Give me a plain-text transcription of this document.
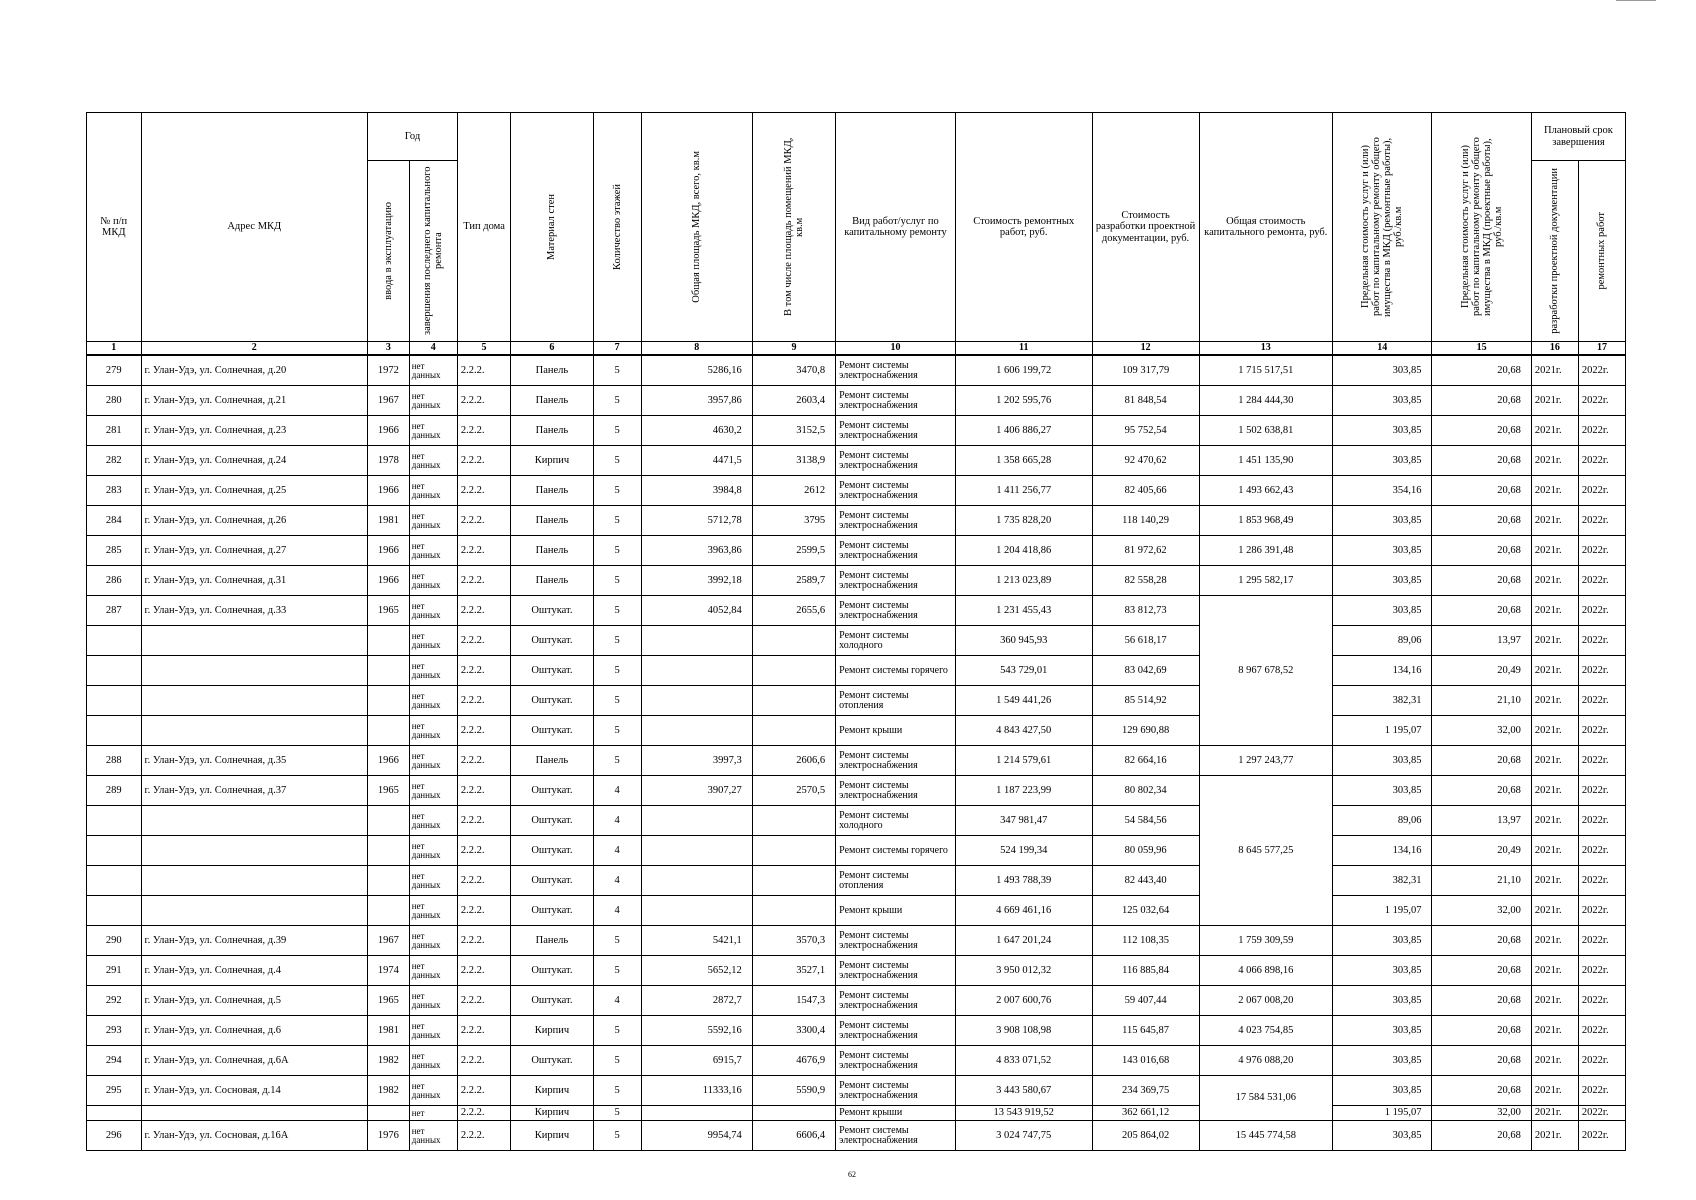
№ п/п МКД	Адрес МКД	Год		Тип дома	Материал стен	Количество этажей	Общая площадь МКД, всего, кв.м	В том числе площадь помещений МКД, кв.м	Вид работ/услуг по капитальному ремонту	Стоимость ремонтных работ, руб.	Стоимость разработки проектной документации, руб.	Общая стоимость капитального ремонта, руб.	Предельная стоимость услуг и (или) работ по капитальному ремонту общего имущества в МКД (ремонтные работы), руб./кв.м	Предельная стоимость услуг и (или) работ по капитальному ремонту общего имущества в МКД (проектные работы), руб./кв.м	Плановый срок завершения	

		ввода в эксплуатацию	завершения последнего капитального ремонта												разработки проектной документации	ремонтных работ

1	2	3	4	5	6	7	8	9	10	11	12	13	14	15	16	17
279	г. Улан-Удэ, ул. Солнечная, д.20	1972	нет данных	2.2.2.	Панель	5	5286,16	3470,8	Ремонт системы электроснабжения	1 606 199,72	109 317,79	1 715 517,51	303,85	20,68	2021г.	2022г.
280	г. Улан-Удэ, ул. Солнечная, д.21	1967	нет данных	2.2.2.	Панель	5	3957,86	2603,4	Ремонт системы электроснабжения	1 202 595,76	81 848,54	1 284 444,30	303,85	20,68	2021г.	2022г.
281	г. Улан-Удэ, ул. Солнечная, д.23	1966	нет данных	2.2.2.	Панель	5	4630,2	3152,5	Ремонт системы электроснабжения	1 406 886,27	95 752,54	1 502 638,81	303,85	20,68	2021г.	2022г.
282	г. Улан-Удэ, ул. Солнечная, д.24	1978	нет данных	2.2.2.	Кирпич	5	4471,5	3138,9	Ремонт системы электроснабжения	1 358 665,28	92 470,62	1 451 135,90	303,85	20,68	2021г.	2022г.
283	г. Улан-Удэ, ул. Солнечная, д.25	1966	нет данных	2.2.2.	Панель	5	3984,8	2612	Ремонт системы электроснабжения	1 411 256,77	82 405,66	1 493 662,43	354,16	20,68	2021г.	2022г.
284	г. Улан-Удэ, ул. Солнечная, д.26	1981	нет данных	2.2.2.	Панель	5	5712,78	3795	Ремонт системы электроснабжения	1 735 828,20	118 140,29	1 853 968,49	303,85	20,68	2021г.	2022г.
285	г. Улан-Удэ, ул. Солнечная, д.27	1966	нет данных	2.2.2.	Панель	5	3963,86	2599,5	Ремонт системы электроснабжения	1 204 418,86	81 972,62	1 286 391,48	303,85	20,68	2021г.	2022г.
286	г. Улан-Удэ, ул. Солнечная, д.31	1966	нет данных	2.2.2.	Панель	5	3992,18	2589,7	Ремонт системы электроснабжения	1 213 023,89	82 558,28	1 295 582,17	303,85	20,68	2021г.	2022г.
287	г. Улан-Удэ, ул. Солнечная, д.33	1965	нет данных	2.2.2.	Оштукат.	5	4052,84	2655,6	Ремонт системы электроснабжения	1 231 455,43	83 812,73	8 967 678,52	303,85	20,68	2021г.	2022г.
			нет данных	2.2.2.	Оштукат.	5			Ремонт системы холодного	360 945,93	56 618,17		89,06	13,97	2021г.	2022г.
			нет данных	2.2.2.	Оштукат.	5			Ремонт системы горячего	543 729,01	83 042,69		134,16	20,49	2021г.	2022г.
			нет данных	2.2.2.	Оштукат.	5			Ремонт системы отопления	1 549 441,26	85 514,92		382,31	21,10	2021г.	2022г.
			нет данных	2.2.2.	Оштукат.	5			Ремонт крыши	4 843 427,50	129 690,88		1 195,07	32,00	2021г.	2022г.
288	г. Улан-Удэ, ул. Солнечная, д.35	1966	нет данных	2.2.2.	Панель	5	3997,3	2606,6	Ремонт системы электроснабжения	1 214 579,61	82 664,16	1 297 243,77	303,85	20,68	2021г.	2022г.
289	г. Улан-Удэ, ул. Солнечная, д.37	1965	нет данных	2.2.2.	Оштукат.	4	3907,27	2570,5	Ремонт системы электроснабжения	1 187 223,99	80 802,34	8 645 577,25	303,85	20,68	2021г.	2022г.
			нет данных	2.2.2.	Оштукат.	4			Ремонт системы холодного	347 981,47	54 584,56		89,06	13,97	2021г.	2022г.
			нет данных	2.2.2.	Оштукат.	4			Ремонт системы горячего	524 199,34	80 059,96		134,16	20,49	2021г.	2022г.
			нет данных	2.2.2.	Оштукат.	4			Ремонт системы отопления	1 493 788,39	82 443,40		382,31	21,10	2021г.	2022г.
			нет данных	2.2.2.	Оштукат.	4			Ремонт крыши	4 669 461,16	125 032,64		1 195,07	32,00	2021г.	2022г.
290	г. Улан-Удэ, ул. Солнечная, д.39	1967	нет данных	2.2.2.	Панель	5	5421,1	3570,3	Ремонт системы электроснабжения	1 647 201,24	112 108,35	1 759 309,59	303,85	20,68	2021г.	2022г.
291	г. Улан-Удэ, ул. Солнечная, д.4	1974	нет данных	2.2.2.	Оштукат.	5	5652,12	3527,1	Ремонт системы электроснабжения	3 950 012,32	116 885,84	4 066 898,16	303,85	20,68	2021г.	2022г.
292	г. Улан-Удэ, ул. Солнечная, д.5	1965	нет данных	2.2.2.	Оштукат.	4	2872,7	1547,3	Ремонт системы электроснабжения	2 007 600,76	59 407,44	2 067 008,20	303,85	20,68	2021г.	2022г.
293	г. Улан-Удэ, ул. Солнечная, д.6	1981	нет данных	2.2.2.	Кирпич	5	5592,16	3300,4	Ремонт системы электроснабжения	3 908 108,98	115 645,87	4 023 754,85	303,85	20,68	2021г.	2022г.
294	г. Улан-Удэ, ул. Солнечная, д.6А	1982	нет данных	2.2.2.	Оштукат.	5	6915,7	4676,9	Ремонт системы электроснабжения	4 833 071,52	143 016,68	4 976 088,20	303,85	20,68	2021г.	2022г.
295	г. Улан-Удэ, ул. Сосновая, д.14	1982	нет данных	2.2.2.	Кирпич	5	11333,16	5590,9	Ремонт системы электроснабжения	3 443 580,67	234 369,75	17 584 531,06	303,85	20,68	2021г.	2022г.
			нет	2.2.2.	Кирпич	5			Ремонт крыши	13 543 919,52	362 661,12		1 195,07	32,00	2021г.	2022г.
296	г. Улан-Удэ, ул. Сосновая, д.16А	1976	нет данных	2.2.2.	Кирпич	5	9954,74	6606,4	Ремонт системы электроснабжения	3 024 747,75	205 864,02	15 445 774,58	303,85	20,68	2021г.	2022г.
62
